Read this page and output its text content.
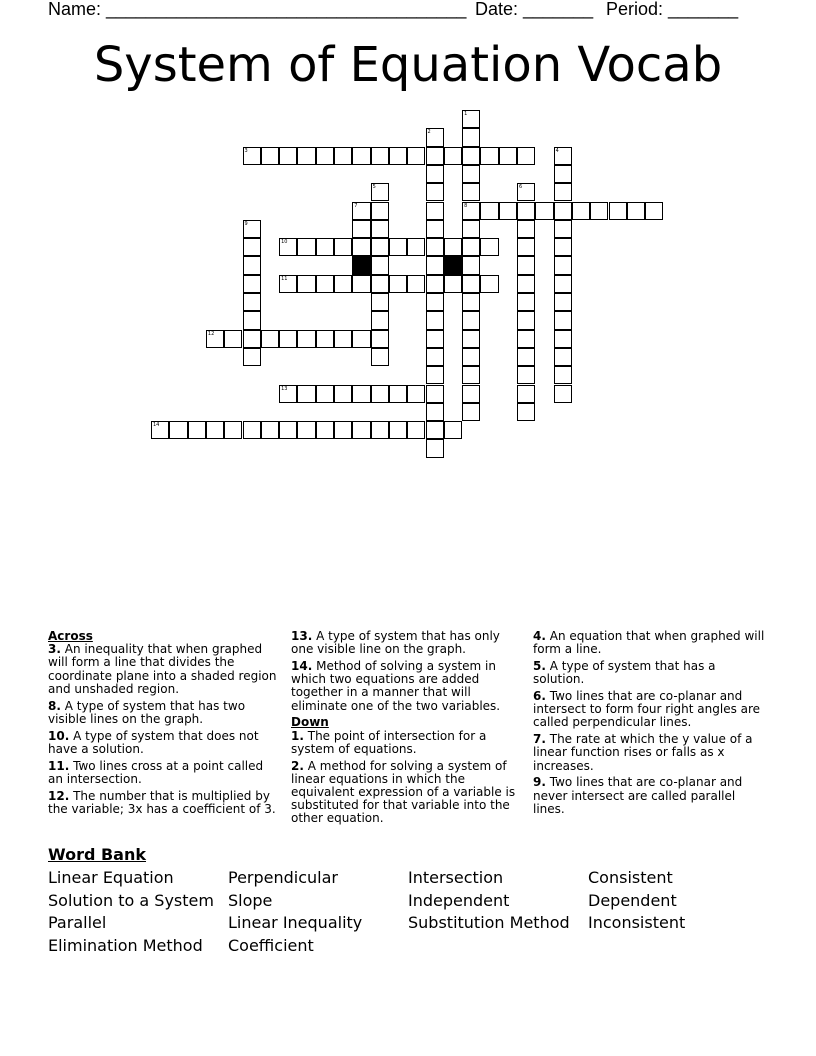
Name: ____________________________________ Date: _______ Period: _______
System of Equation Vocab
1
2
3	4
5	6
7	8
9
10
11
12
13
14

Across

3. An inequality that when graphed will form a line that divides the coordinate plane into a shaded region and unshaded region.

8. A type of system that has two visible lines on the graph.

10. A type of system that does not have a solution.

11. Two lines cross at a point called an intersection.

12. The number that is multiplied by the variable; 3x has a coefficient of 3.

13. A type of system that has only one visible line on the graph.

14. Method of solving a system in which two equations are added together in a manner that will eliminate one of the two variables.

Down

1. The point of intersection for a system of equations.

2. A method for solving a system of linear equations in which the equivalent expression of a variable is substituted for that variable into the other equation.

4. An equation that when graphed will form a line.

5. A type of system that has a solution.

6. Two lines that are co-planar and intersect to form four right angles are called perpendicular lines.

7. The rate at which the y value of a linear function rises or falls as x increases.

9. Two lines that are co-planar and never intersect are called parallel lines.

Word Bank
Linear Equation
Solution to a System
Parallel
Elimination Method
Perpendicular
Slope
Linear Inequality
Coefficient
Intersection
Independent
Substitution Method
Consistent
Dependent
Inconsistent
